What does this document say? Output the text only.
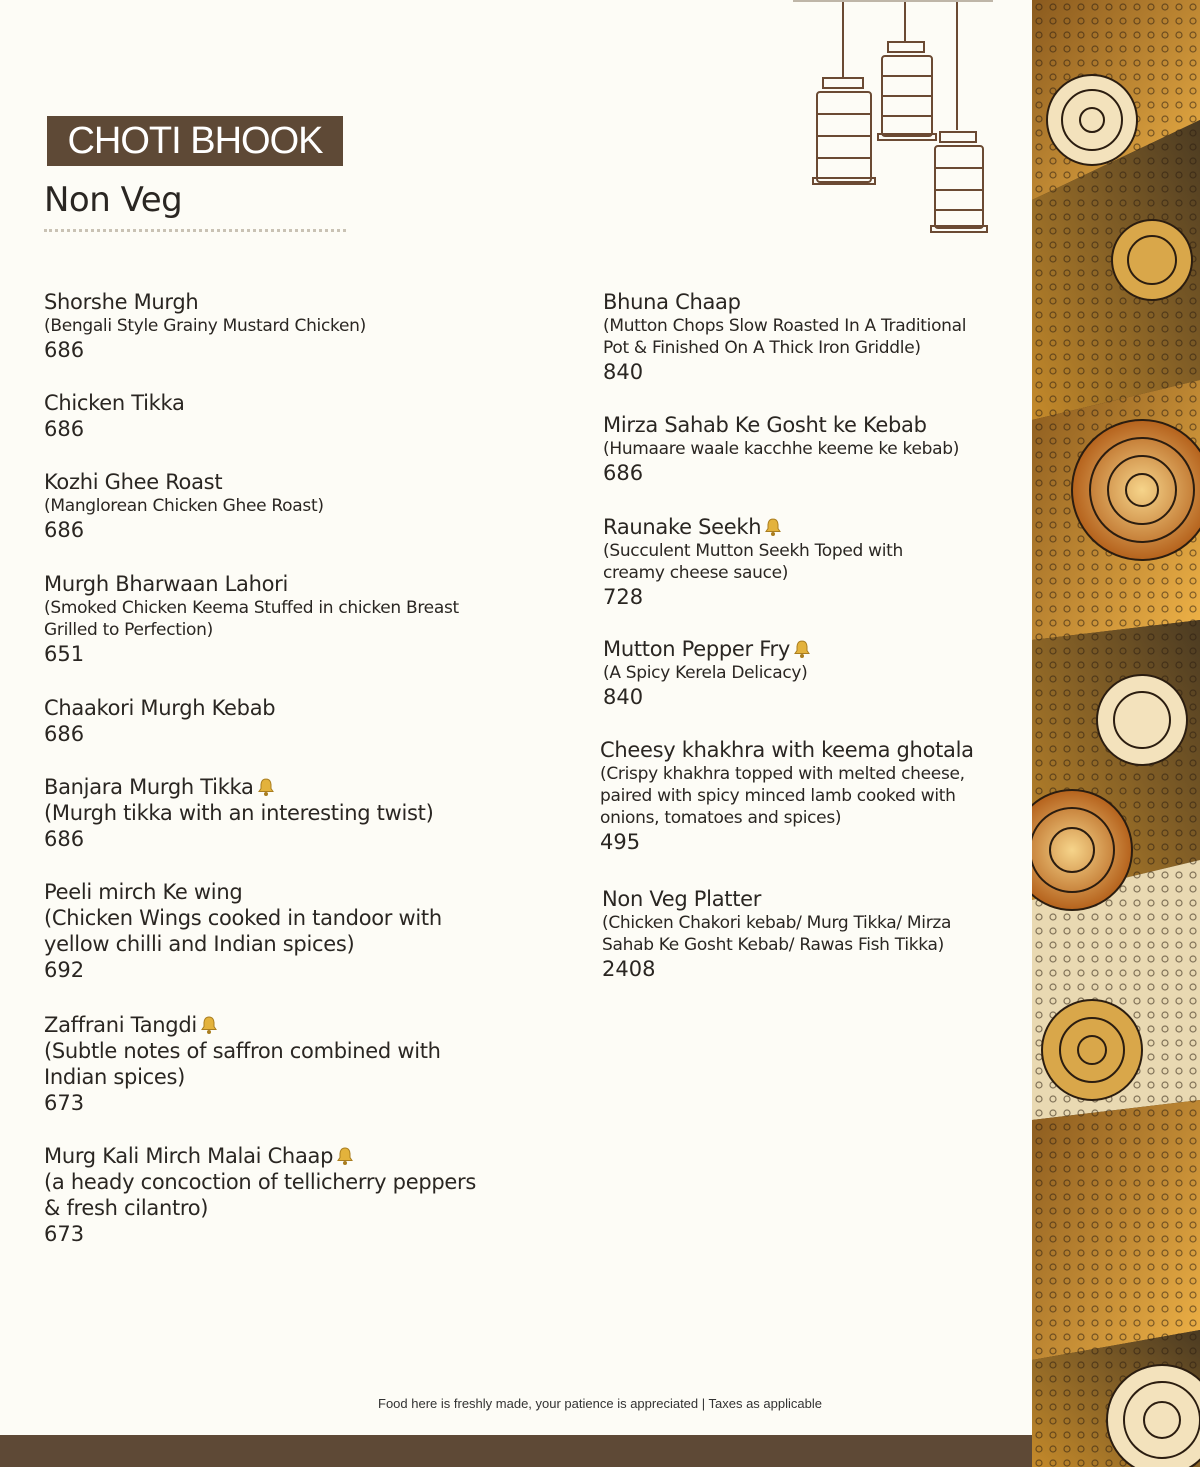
CHOTI BHOOK
Non Veg
Shorshe Murgh
(Bengali Style Grainy Mustard Chicken)
686
Chicken Tikka
686
Kozhi Ghee Roast
(Manglorean Chicken Ghee Roast)
686
Murgh Bharwaan Lahori
(Smoked Chicken Keema Stuffed in chicken Breast Grilled to Perfection)
651
Chaakori Murgh Kebab
686
Banjara Murgh Tikka
(Murgh tikka with an interesting twist)
686
Peeli mirch Ke wing
(Chicken Wings cooked in tandoor with yellow chilli and Indian spices)
692
Zaffrani Tangdi
(Subtle notes of saffron combined with Indian spices)
673
Murg Kali Mirch Malai Chaap
(a heady concoction of tellicherry peppers & fresh cilantro)
673
Bhuna Chaap
(Mutton Chops Slow Roasted In A Traditional Pot & Finished On A Thick Iron Griddle)
840
Mirza Sahab Ke Gosht ke Kebab
(Humaare waale kacchhe keeme ke kebab)
686
Raunake Seekh
(Succulent Mutton Seekh Toped with creamy cheese sauce)
728
Mutton Pepper Fry
(A Spicy Kerela Delicacy)
840
Cheesy khakhra with keema ghotala
(Crispy khakhra topped with melted cheese, paired with spicy minced lamb cooked with onions, tomatoes and spices)
495
Non Veg Platter
(Chicken Chakori kebab/ Murg Tikka/ Mirza Sahab Ke Gosht Kebab/ Rawas Fish Tikka)
2408
Food here is freshly made, your patience is appreciated | Taxes as applicable
